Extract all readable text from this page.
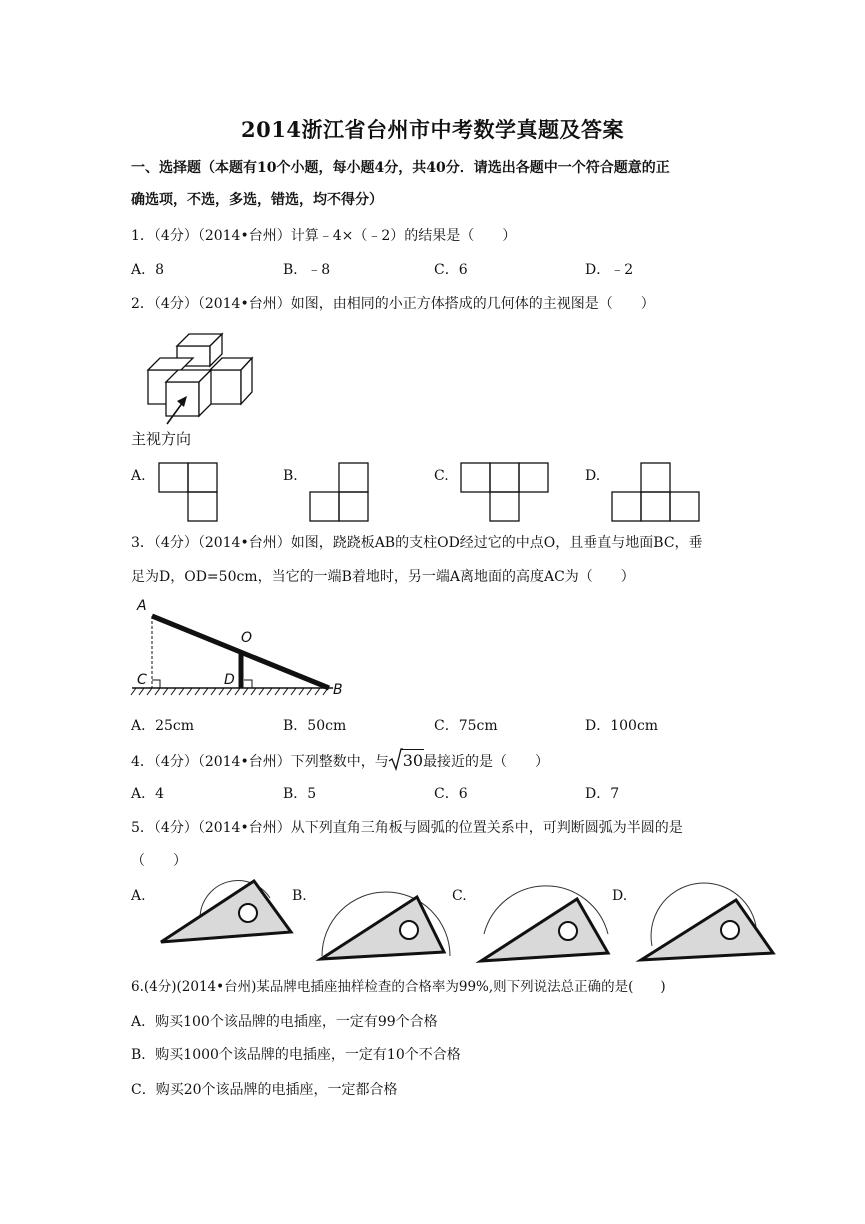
2014浙江省台州市中考数学真题及答案
一、选择题（本题有10个小题，每小题4分，共40分．请选出各题中一个符合题意的正
确选项，不选，多选，错选，均不得分）
1．（4分）（2014•台州）计算﹣4×（﹣2）的结果是（　　）
A．8	B．﹣8	C．6	D．﹣2
2．（4分）（2014•台州）如图，由相同的小正方体搭成的几何体的主视图是（　　）
主视方向
A.	B.	C.	D.
3．（4分）（2014•台州）如图，跷跷板AB的支柱OD经过它的中点O，且垂直与地面BC，垂
足为D，OD=50cm，当它的一端B着地时，另一端A离地面的高度AC为（　　）
A
O
C	D
B
A．25cm	B．50cm	C．75cm	D．100cm
4．（4分）（2014•台州）下列整数中，与 30最接近的是（　　）
A．4	B．5	C．6	D．7
5．（4分）（2014•台州）从下列直角三角板与圆弧的位置关系中，可判断圆弧为半圆的是
（　　）
A.	B.	C.	D.
6.(4分)(2014•台州)某品牌电插座抽样检查的合格率为99%,则下列说法总正确的是(　　)
A．购买100个该品牌的电插座，一定有99个合格
B．购买1000个该品牌的电插座，一定有10个不合格
C．购买20个该品牌的电插座，一定都合格
